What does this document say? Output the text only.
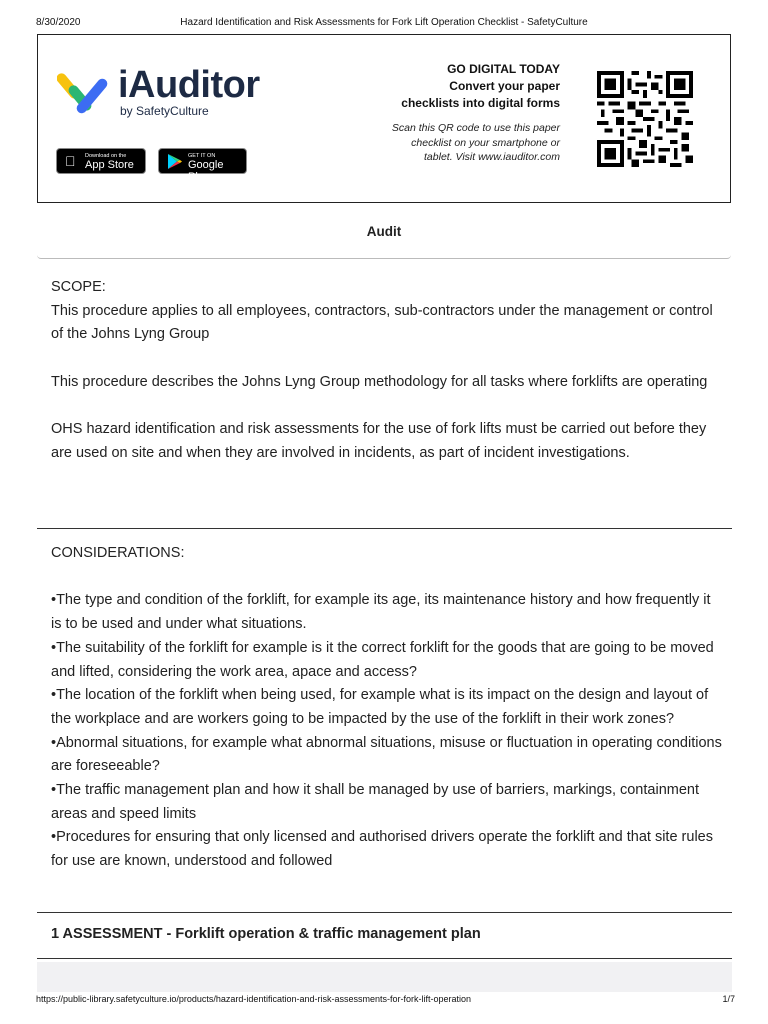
8/30/2020	Hazard Identification and Risk Assessments for Fork Lift Operation Checklist - SafetyCulture
iAuditor
by SafetyCulture
Download on the
App Store
GET IT ON
Google Play
GO DIGITAL TODAY
Convert your paper
checklists into digital forms
Scan this QR code to use this paper checklist on your smartphone or tablet. Visit www.iauditor.com
Audit

SCOPE:

This procedure applies to all employees, contractors, sub-contractors under the management or control of the Johns Lyng Group

This procedure describes the Johns Lyng Group methodology for all tasks where forklifts are operating

OHS hazard identification and risk assessments for the use of fork lifts must be carried out before they are used on site and when they are involved in incidents, as part of incident investigations.

CONSIDERATIONS:

•The type and condition of the forklift, for example its age, its maintenance history and how frequently it is to be used and under what situations.

•The suitability of the forklift for example is it the correct forklift for the goods that are going to be moved and lifted, considering the work area, apace and access?

•The location of the forklift when being used, for example what is its impact on the design and layout of the workplace and are workers going to be impacted by the use of the forklift in their work zones?

•Abnormal situations, for example what abnormal situations, misuse or fluctuation in operating conditions are foreseeable?

•The traffic management plan and how it shall be managed by use of barriers, markings, containment areas and speed limits

•Procedures for ensuring that only licensed and authorised drivers operate the forklift and that site rules for use are known, understood and followed

1 ASSESSMENT - Forklift operation & traffic management plan
https://public-library.safetyculture.io/products/hazard-identification-and-risk-assessments-for-fork-lift-operation	1/7
